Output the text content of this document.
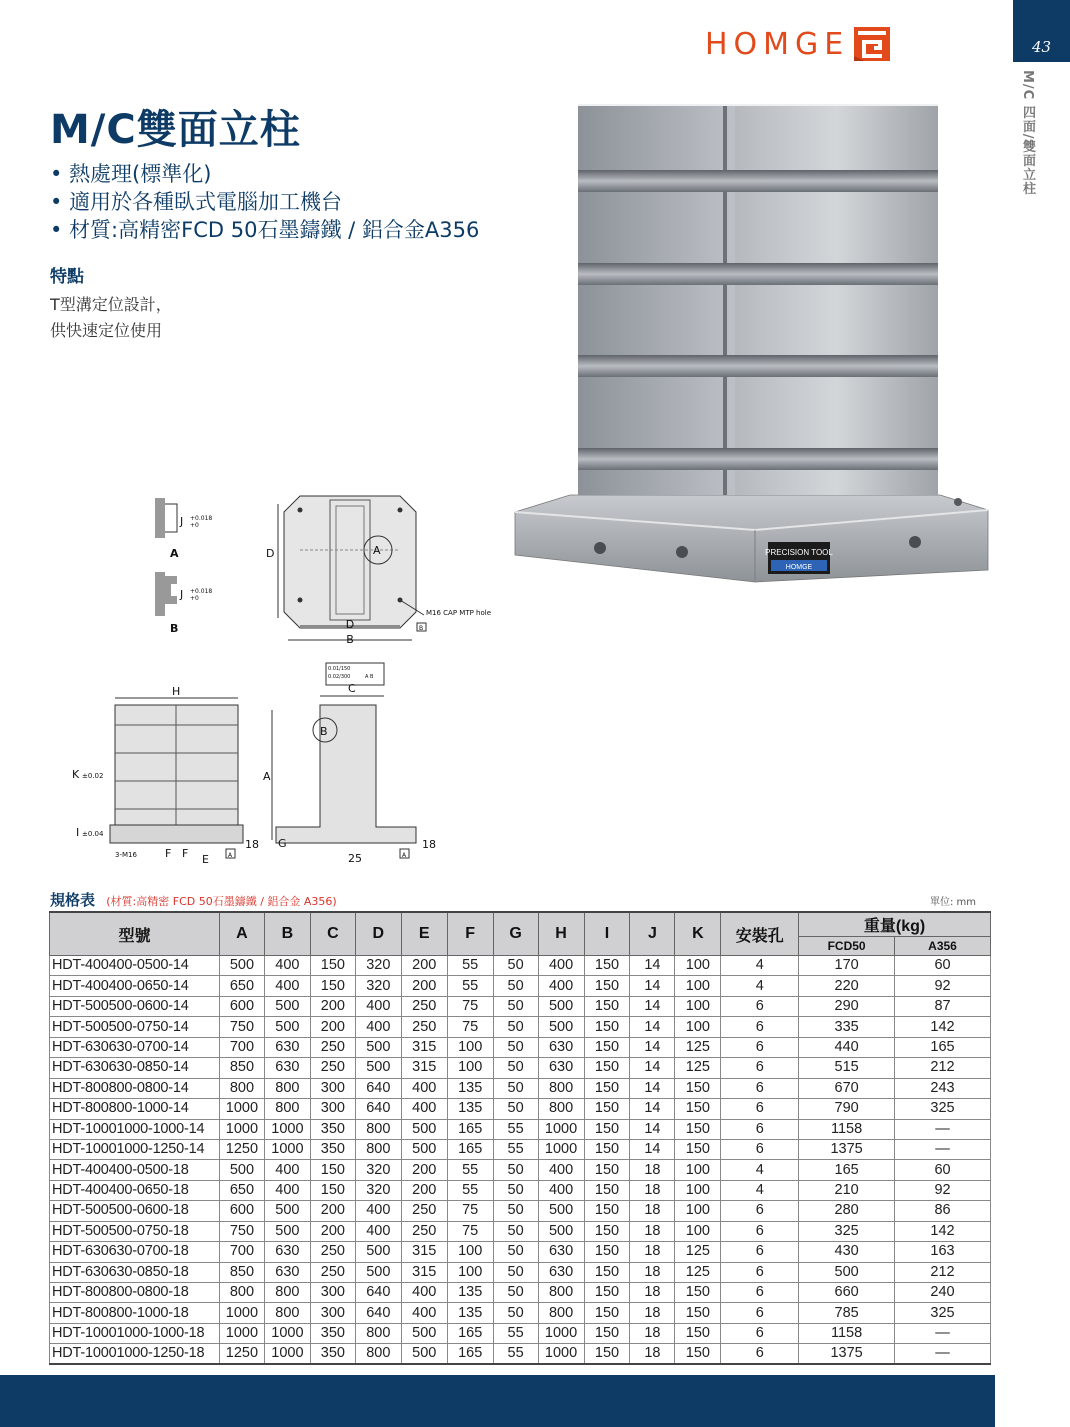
43
M/C 四面/雙面立柱
HOMGE
M/C雙面立柱
• 熱處理(標準化)
• 適用於各種臥式電腦加工機台
• 材質:高精密FCD 50石墨鑄鐵 / 鋁合金A356
特點
T型溝定位設計，
供快速定位使用
PRECISION TOOL
HOMGE
J +0.018
+0
A
J +0.018
+0
B
A
D
D
B
M16 CAP MTP hole
B
H
K ±0.02
I ±0.04
18
3-M16	F F E	A
0.01/150
0.02/300	A B
C
B
A
G
25
18
A
規格表 (材質:高精密 FCD 50石墨鑄鐵 / 鋁合金 A356)	單位: mm
型號	A	B	C	D	E	F	G	H	I	J	K	安裝孔	重量(kg)	
													FCD50	A356
HDT-400400-0500-14	500	400	150	320	200	55	50	400	150	14	100	4	170	60
HDT-400400-0650-14	650	400	150	320	200	55	50	400	150	14	100	4	220	92
HDT-500500-0600-14	600	500	200	400	250	75	50	500	150	14	100	6	290	87
HDT-500500-0750-14	750	500	200	400	250	75	50	500	150	14	100	6	335	142
HDT-630630-0700-14	700	630	250	500	315	100	50	630	150	14	125	6	440	165
HDT-630630-0850-14	850	630	250	500	315	100	50	630	150	14	125	6	515	212
HDT-800800-0800-14	800	800	300	640	400	135	50	800	150	14	150	6	670	243
HDT-800800-1000-14	1000	800	300	640	400	135	50	800	150	14	150	6	790	325
HDT-10001000-1000-14	1000	1000	350	800	500	165	55	1000	150	14	150	6	1158	—
HDT-10001000-1250-14	1250	1000	350	800	500	165	55	1000	150	14	150	6	1375	—
HDT-400400-0500-18	500	400	150	320	200	55	50	400	150	18	100	4	165	60
HDT-400400-0650-18	650	400	150	320	200	55	50	400	150	18	100	4	210	92
HDT-500500-0600-18	600	500	200	400	250	75	50	500	150	18	100	6	280	86
HDT-500500-0750-18	750	500	200	400	250	75	50	500	150	18	100	6	325	142
HDT-630630-0700-18	700	630	250	500	315	100	50	630	150	18	125	6	430	163
HDT-630630-0850-18	850	630	250	500	315	100	50	630	150	18	125	6	500	212
HDT-800800-0800-18	800	800	300	640	400	135	50	800	150	18	150	6	660	240
HDT-800800-1000-18	1000	800	300	640	400	135	50	800	150	18	150	6	785	325
HDT-10001000-1000-18	1000	1000	350	800	500	165	55	1000	150	18	150	6	1158	—
HDT-10001000-1250-18	1250	1000	350	800	500	165	55	1000	150	18	150	6	1375	—
